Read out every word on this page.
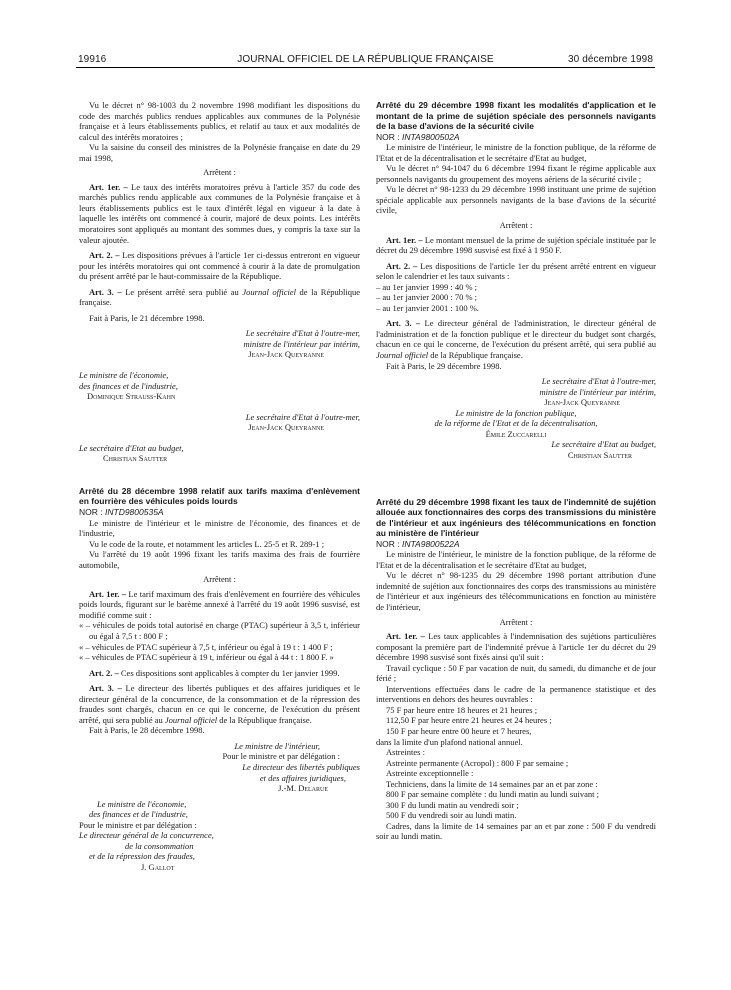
19916	JOURNAL OFFICIEL DE LA RÉPUBLIQUE FRANÇAISE	30 décembre 1998

Vu le décret n° 98-1003 du 2 novembre 1998 modifiant les dispositions du code des marchés publics rendues applicables aux communes de la Polynésie française et à leurs établissements publics, et relatif au taux et aux modalités de calcul des intérêts moratoires ;

Vu la saisine du conseil des ministres de la Polynésie française en date du 29 mai 1998,

Arrêtent :

Art. 1er. – Le taux des intérêts moratoires prévu à l'article 357 du code des marchés publics rendu applicable aux communes de la Polynésie française et à leurs établissements publics est le taux d'intérêt légal en vigueur à la date à laquelle les intérêts ont commencé à courir, majoré de deux points. Les intérêts moratoires sont appliqués au montant des sommes dues, y compris la taxe sur la valeur ajoutée.

Art. 2. – Les dispositions prévues à l'article 1er ci-dessus entreront en vigueur pour les intérêts moratoires qui ont commencé à courir à la date de promulgation du présent arrêté par le haut-commissaire de la République.

Art. 3. – Le présent arrêté sera publié au Journal officiel de la République française.

Fait à Paris, le 21 décembre 1998.

Le secrétaire d'Etat à l'outre-mer,

ministre de l'intérieur par intérim,

Jean-Jack Queyranne

Le ministre de l'économie,

des finances et de l'industrie,

Dominique Strauss-Kahn

Le secrétaire d'Etat à l'outre-mer,

Jean-Jack Queyranne

Le secrétaire d'Etat au budget,

Christian Sautter

Arrêté du 28 décembre 1998 relatif aux tarifs maxima d'enlèvement en fourrière des véhicules poids lourds

NOR : INTD9800535A

Le ministre de l'intérieur et le ministre de l'économie, des finances et de l'industrie,

Vu le code de la route, et notamment les articles L. 25-5 et R. 289-1 ;

Vu l'arrêté du 19 août 1996 fixant les tarifs maxima des frais de fourrière automobile,

Arrêtent :

Art. 1er. – Le tarif maximum des frais d'enlèvement en fourrière des véhicules poids lourds, figurant sur le barème annexé à l'arrêté du 19 août 1996 susvisé, est modifié comme suit :

« – véhicules de poids total autorisé en charge (PTAC) supérieur à 3,5 t, inférieur ou égal à 7,5 t : 800 F ;
« – véhicules de PTAC supérieur à 7,5 t, inférieur ou égal à 19 t : 1 400 F ;
« – véhicules de PTAC supérieur à 19 t, inférieur ou égal à 44 t : 1 800 F. »

Art. 2. – Ces dispositions sont applicables à compter du 1er janvier 1999.

Art. 3. – Le directeur des libertés publiques et des affaires juridiques et le directeur général de la concurrence, de la consommation et de la répression des fraudes sont chargés, chacun en ce qui le concerne, de l'exécution du présent arrêté, qui sera publié au Journal officiel de la République française.

Fait à Paris, le 28 décembre 1998.

Le ministre de l'intérieur,

Pour le ministre et par délégation :

Le directeur des libertés publiques

et des affaires juridiques,

J.-M. Delarue

Le ministre de l'économie,

des finances et de l'industrie,

Pour le ministre et par délégation :

Le directeur général de la concurrence,

de la consommation

et de la répression des fraudes,

J. Gallot

Arrêté du 29 décembre 1998 fixant les modalités d'application et le montant de la prime de sujétion spéciale des personnels navigants de la base d'avions de la sécurité civile

NOR : INTA9800502A

Le ministre de l'intérieur, le ministre de la fonction publique, de la réforme de l'Etat et de la décentralisation et le secrétaire d'Etat au budget,

Vu le décret n° 94-1047 du 6 décembre 1994 fixant le régime applicable aux personnels navigants du groupement des moyens aériens de la sécurité civile ;

Vu le décret n° 98-1233 du 29 décembre 1998 instituant une prime de sujétion spéciale applicable aux personnels navigants de la base d'avions de la sécurité civile,

Arrêtent :

Art. 1er. – Le montant mensuel de la prime de sujétion spéciale instituée par le décret du 29 décembre 1998 susvisé est fixé à 1 950 F.

Art. 2. – Les dispositions de l'article 1er du présent arrêté entrent en vigueur selon le calendrier et les taux suivants :

– au 1er janvier 1999 : 40 % ;

– au 1er janvier 2000 : 70 % ;

– au 1er janvier 2001 : 100 %.

Art. 3. – Le directeur général de l'administration, le directeur général de l'administration et de la fonction publique et le directeur du budget sont chargés, chacun en ce qui le concerne, de l'exécution du présent arrêté, qui sera publié au Journal officiel de la République française.

Fait à Paris, le 29 décembre 1998.

Le secrétaire d'Etat à l'outre-mer,

ministre de l'intérieur par intérim,

Jean-Jack Queyranne

Le ministre de la fonction publique,

de la réforme de l'Etat et de la décentralisation,

Émile Zuccarelli

Le secrétaire d'Etat au budget,

Christian Sautter

Arrêté du 29 décembre 1998 fixant les taux de l'indemnité de sujétion allouée aux fonctionnaires des corps des transmissions du ministère de l'intérieur et aux ingénieurs des télécommunications en fonction au ministère de l'intérieur

NOR : INTA9800522A

Le ministre de l'intérieur, le ministre de la fonction publique, de la réforme de l'Etat et de la décentralisation et le secrétaire d'Etat au budget,

Vu le décret n° 98-1235 du 29 décembre 1998 portant attribution d'une indemnité de sujétion aux fonctionnaires des corps des transmissions au ministère de l'intérieur et aux ingénieurs des télécommunications en fonction au ministère de l'intérieur,

Arrêtent :

Art. 1er. – Les taux applicables à l'indemnisation des sujétions particulières composant la première part de l'indemnité prévue à l'article 1er du décret du 29 décembre 1998 susvisé sont fixés ainsi qu'il suit :

Travail cyclique : 50 F par vacation de nuit, du samedi, du dimanche et de jour férié ;

Interventions effectuées dans le cadre de la permanence statistique et des interventions en dehors des heures ouvrables :

75 F par heure entre 18 heures et 21 heures ;

112,50 F par heure entre 21 heures et 24 heures ;

150 F par heure entre 00 heure et 7 heures,

dans la limite d'un plafond national annuel.

Astreintes :

Astreinte permanente (Acropol) : 800 F par semaine ;

Astreinte exceptionnelle :

Techniciens, dans la limite de 14 semaines par an et par zone :

800 F par semaine complète : du lundi matin au lundi suivant ;

300 F du lundi matin au vendredi soir ;

500 F du vendredi soir au lundi matin.

Cadres, dans la limite de 14 semaines par an et par zone : 500 F du vendredi soir au lundi matin.
